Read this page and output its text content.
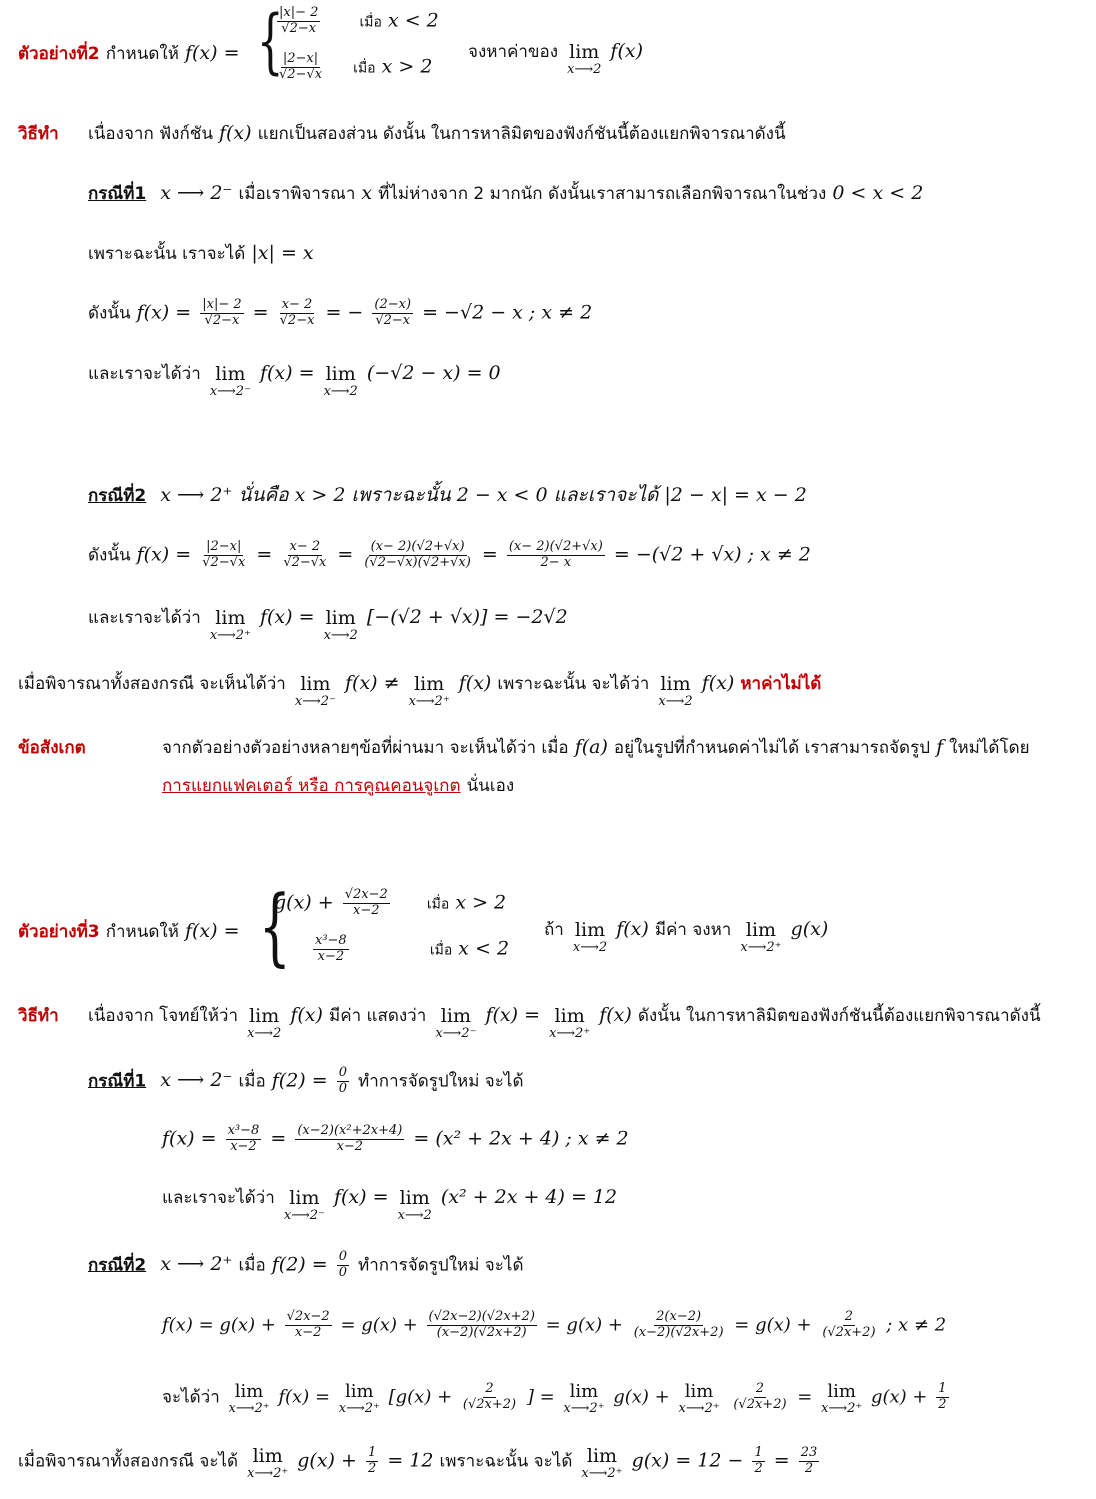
ตัวอย่างที่2 กำหนดให้ f(x) = {
$\frac{|x|- 2}{√2-x}$	เมื่อ x < 2
$\frac{|2-x|}{√2-√x}$ เมื่อ x > 2
จงหาค่าของ lim
x⟶2
f(x)
วิธีทำ เนื่องจาก ฟังก์ชัน f(x) แยกเป็นสองส่วน ดังนั้น ในการหาลิมิตของฟังก์ชันนี้ต้องแยกพิจารณาดังนี้
กรณีที่1 x ⟶ 2⁻ เมื่อเราพิจารณา x ที่ไม่ห่างจาก 2 มากนัก ดังนั้นเราสามารถเลือกพิจารณาในช่วง 0 < x < 2
เพราะฉะนั้น เราจะได้ |x| = x
ดังนั้น $f(x) = \frac{|x|- 2}{√2-x} = \frac{x- 2}{√2-x}$ = − $\frac{(2-x)}{√2-x} = -√2 - x$ ; x ≠ 2
และเราจะได้ว่า lim
x⟶2⁻
f(x) = lim
x⟶2
(−√2 − x) = 0
กรณีที่2 x ⟶ 2⁺ นั่นคือ x > 2 เพราะฉะนั้น 2 − x < 0 และเราจะได้ |2 − x| = x − 2
ดังนั้น $f(x) = \frac{|2-x|}{√2-√x} = \frac{x- 2}{√2-√x} = \frac{(x- 2)(√2+√x)}{(√2-√x)(√2+√x)} = \frac{(x- 2)(√2+√x)}{2- x} = -(√2 + √x)$ ; x ≠ 2
และเราจะได้ว่า lim
x⟶2⁺
f(x) = lim
x⟶2
[−(√2 + √x)] = −2√2
เมื่อพิจารณาทั้งสองกรณี จะเห็นได้ว่า lim
x⟶2⁻
f(x) ≠ lim
x⟶2⁺
f(x) เพราะฉะนั้น จะได้ว่า lim
x⟶2
f(x) หาค่าไม่ได้
ข้อสังเกต	จากตัวอย่างตัวอย่างหลายๆข้อที่ผ่านมา จะเห็นได้ว่า เมื่อ f(a) อยู่ในรูปที่กำหนดค่าไม่ได้ เราสามารถจัดรูป f ใหม่ได้โดย
การแยกแฟคเตอร์ หรือ การคูณคอนจูเกต นั่นเอง
ตัวอย่างที่3 กำหนดให้ f(x) = {
$g(x) + \frac{√2x-2}{x-2}$	เมื่อ x > 2
$\frac{\text{x³−8}}{x-2}$	เมื่อ x < 2
ถ้า lim
x⟶2
f(x) มีค่า จงหา lim
x⟶2⁺
g(x)
วิธีทำ เนื่องจาก โจทย์ให้ว่า lim
x⟶2
f(x) มีค่า แสดงว่า lim
x⟶2⁻
f(x) = lim
x⟶2⁺
f(x) ดังนั้น ในการหาลิมิตของฟังก์ชันนี้ต้องแยกพิจารณาดังนี้
กรณีที่1 x ⟶ 2⁻ เมื่อ $f(2) = \frac{0}{0}$ ทำการจัดรูปใหม่ จะได้
$f(x) = \frac{\text{x³−8}}{x-2} = \frac{\text{(x−2)(x²+2x+4)}}{x-2} = (x^2 + 2x + 4)$ ; x ≠ 2
และเราจะได้ว่า lim
x⟶2⁻
f(x) = lim
x⟶2
(x² + 2x + 4) = 12
กรณีที่2 x ⟶ 2⁺ เมื่อ $f(2) = \frac{0}{0}$ ทำการจัดรูปใหม่ จะได้
$f(x) = g(x) + \frac{√2x-2}{x-2} = g(x) + \frac{(√2x-2)(√2x+2)}{(x-2)(√2x+2)} = g(x) + \frac{2(x-2)}{(x-2)(√2x+2)} = g(x) + \frac{2}{(√2x+2)}$ ; x ≠ 2
จะได้ว่า lim
x⟶2⁺
f(x) = lim
x⟶2⁺
[$g(x) + \frac{2}{(√2x+2)}$ ] = lim
x⟶2⁺
g(x) + lim
x⟶2⁺
$\frac{2}{(√2x+2)} = \lim$
x⟶2⁺
$g(x) + \frac{1}{2}$
เมื่อพิจารณาทั้งสองกรณี จะได้ lim
x⟶2⁺
$g(x) + \frac{1}{2} = 12$ เพราะฉะนั้น จะได้ lim
x⟶2⁺
$g(x) = 12 - \frac{1}{2} = \frac{23}{2}$
